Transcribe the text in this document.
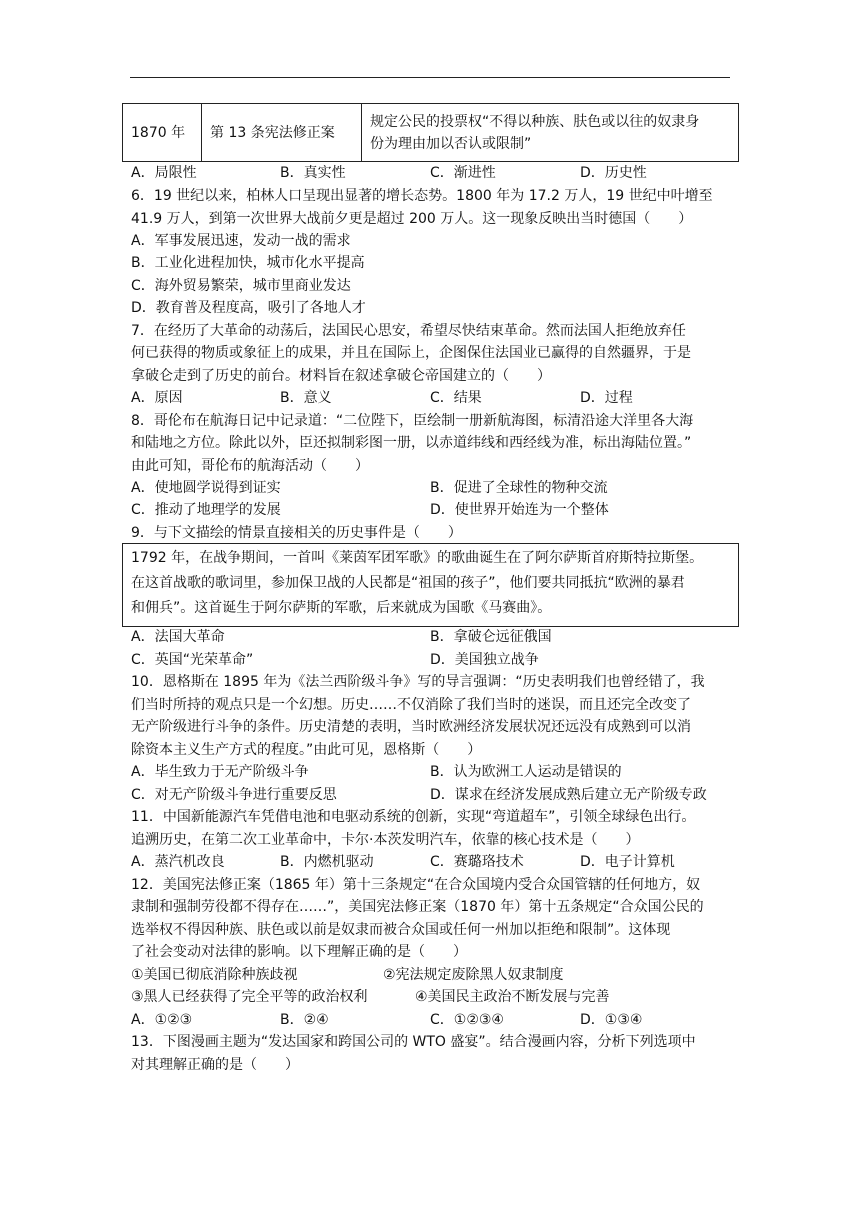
1870 年	第 13 条宪法修正案	
规定公民的投票权“不得以种族、肤色或以往的奴隶身
份为理由加以否认或限制”
A．局限性	B．真实性	C．渐进性	D．历史性
6．19 世纪以来，柏林人口呈现出显著的增长态势。1800 年为 17.2 万人，19 世纪中叶增至
41.9 万人，到第一次世界大战前夕更是超过 200 万人。这一现象反映出当时德国（　　）
A．军事发展迅速，发动一战的需求
B．工业化进程加快，城市化水平提高
C．海外贸易繁荣，城市里商业发达
D．教育普及程度高，吸引了各地人才
7．在经历了大革命的动荡后，法国民心思安，希望尽快结束革命。然而法国人拒绝放弃任
何已获得的物质或象征上的成果，并且在国际上，企图保住法国业已赢得的自然疆界，于是
拿破仑走到了历史的前台。材料旨在叙述拿破仑帝国建立的（　　）
A．原因	B．意义	C．结果	D．过程
8．哥伦布在航海日记中记录道：“二位陛下，臣绘制一册新航海图，标清沿途大洋里各大海
和陆地之方位。除此以外，臣还拟制彩图一册，以赤道纬线和西经线为准，标出海陆位置。”
由此可知，哥伦布的航海活动（　　）
A．使地圆学说得到证实	B．促进了全球性的物种交流
C．推动了地理学的发展	D．使世界开始连为一个整体
9．与下文描绘的情景直接相关的历史事件是（　　）
1792 年，在战争期间，一首叫《莱茵军团军歌》的歌曲诞生在了阿尔萨斯首府斯特拉斯堡。
在这首战歌的歌词里，参加保卫战的人民都是“祖国的孩子”，他们要共同抵抗“欧洲的暴君
和佣兵”。这首诞生于阿尔萨斯的军歌，后来就成为国歌《马赛曲》。
A．法国大革命	B．拿破仑远征俄国
C．英国“光荣革命”	D．美国独立战争
10．恩格斯在 1895 年为《法兰西阶级斗争》写的导言强调：“历史表明我们也曾经错了，我
们当时所持的观点只是一个幻想。历史……不仅消除了我们当时的迷误，而且还完全改变了
无产阶级进行斗争的条件。历史清楚的表明，当时欧洲经济发展状况还远没有成熟到可以消
除资本主义生产方式的程度。”由此可见，恩格斯（　　）
A．毕生致力于无产阶级斗争	B．认为欧洲工人运动是错误的
C．对无产阶级斗争进行重要反思	D．谋求在经济发展成熟后建立无产阶级专政
11．中国新能源汽车凭借电池和电驱动系统的创新，实现“弯道超车”，引领全球绿色出行。
追溯历史，在第二次工业革命中，卡尔·本茨发明汽车，依靠的核心技术是（　　）
A．蒸汽机改良	B．内燃机驱动	C．赛璐珞技术	D．电子计算机
12．美国宪法修正案（1865 年）第十三条规定“在合众国境内受合众国管辖的任何地方，奴
隶制和强制劳役都不得存在……”，美国宪法修正案（1870 年）第十五条规定“合众国公民的
选举权不得因种族、肤色或以前是奴隶而被合众国或任何一州加以拒绝和限制”。这体现
了社会变动对法律的影响。以下理解正确的是（　　）
①美国已彻底消除种族歧视	②宪法规定废除黑人奴隶制度
③黑人已经获得了完全平等的政治权利	④美国民主政治不断发展与完善
A．①②③	B．②④	C．①②③④	D．①③④
13．下图漫画主题为“发达国家和跨国公司的 WTO 盛宴”。结合漫画内容，分析下列选项中
对其理解正确的是（　　）
